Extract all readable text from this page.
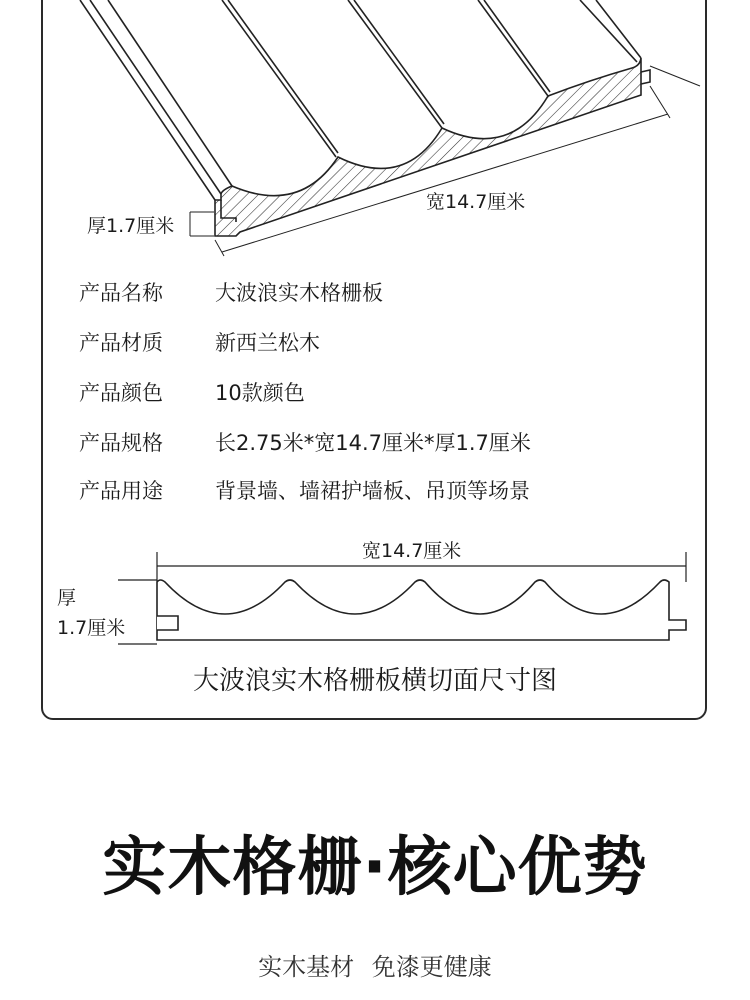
宽14.7厘米
厚1.7厘米
产品名称 大波浪实木格栅板
产品材质 新西兰松木
产品颜色 10款颜色
产品规格 长2.75米*宽14.7厘米*厚1.7厘米
产品用途 背景墙、墙裙护墙板、吊顶等场景
宽14.7厘米
厚
1.7厘米
大波浪实木格栅板横切面尺寸图
实木格栅·核心优势
实木基材 免漆更健康
